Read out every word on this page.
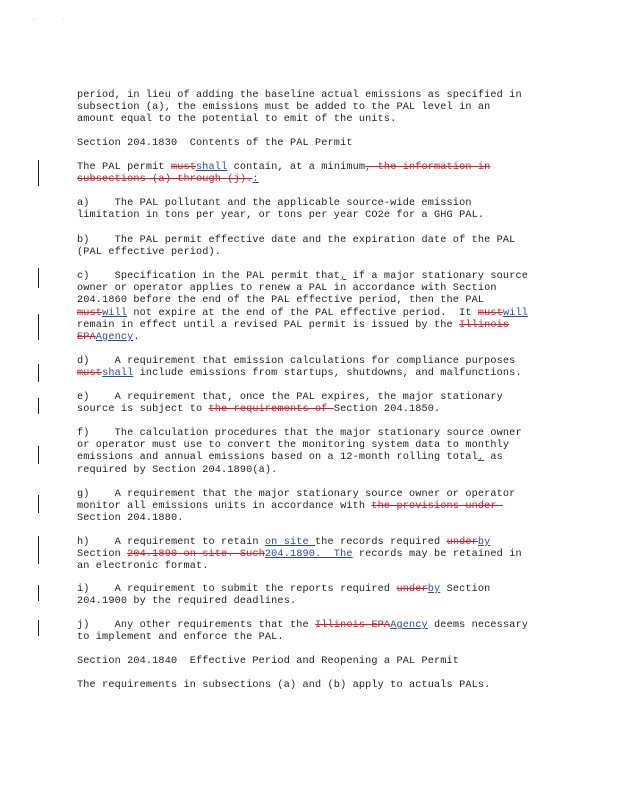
·       ·
period, in lieu of adding the baseline actual emissions as specified in
subsection (a), the emissions must be added to the PAL level in an
amount equal to the potential to emit of the units.
Section 204.1830  Contents of the PAL Permit
The PAL permit mustshall contain, at a minimum, the information in
subsections (a) through (j).:
a)    The PAL pollutant and the applicable source-wide emission
limitation in tons per year, or tons per year CO2e for a GHG PAL.
b)    The PAL permit effective date and the expiration date of the PAL
(PAL effective period).
c)    Specification in the PAL permit that, if a major stationary source
owner or operator applies to renew a PAL in accordance with Section
204.1860 before the end of the PAL effective period, then the PAL
mustwill not expire at the end of the PAL effective period.  It mustwill
remain in effect until a revised PAL permit is issued by the Illinois
EPAAgency.
d)    A requirement that emission calculations for compliance purposes
mustshall include emissions from startups, shutdowns, and malfunctions.
e)    A requirement that, once the PAL expires, the major stationary
source is subject to the requirements of Section 204.1850.
f)    The calculation procedures that the major stationary source owner
or operator must use to convert the monitoring system data to monthly
emissions and annual emissions based on a 12-month rolling total, as
required by Section 204.1890(a).
g)    A requirement that the major stationary source owner or operator
monitor all emissions units in accordance with the provisions under
Section 204.1880.
h)    A requirement to retain on site the records required underby
Section 204.1890 on site. Such204.1890.  The records may be retained in
an electronic format.
i)    A requirement to submit the reports required underby Section
204.1900 by the required deadlines.
j)    Any other requirements that the Illinois EPAAgency deems necessary
to implement and enforce the PAL.
Section 204.1840  Effective Period and Reopening a PAL Permit
The requirements in subsections (a) and (b) apply to actuals PALs.
